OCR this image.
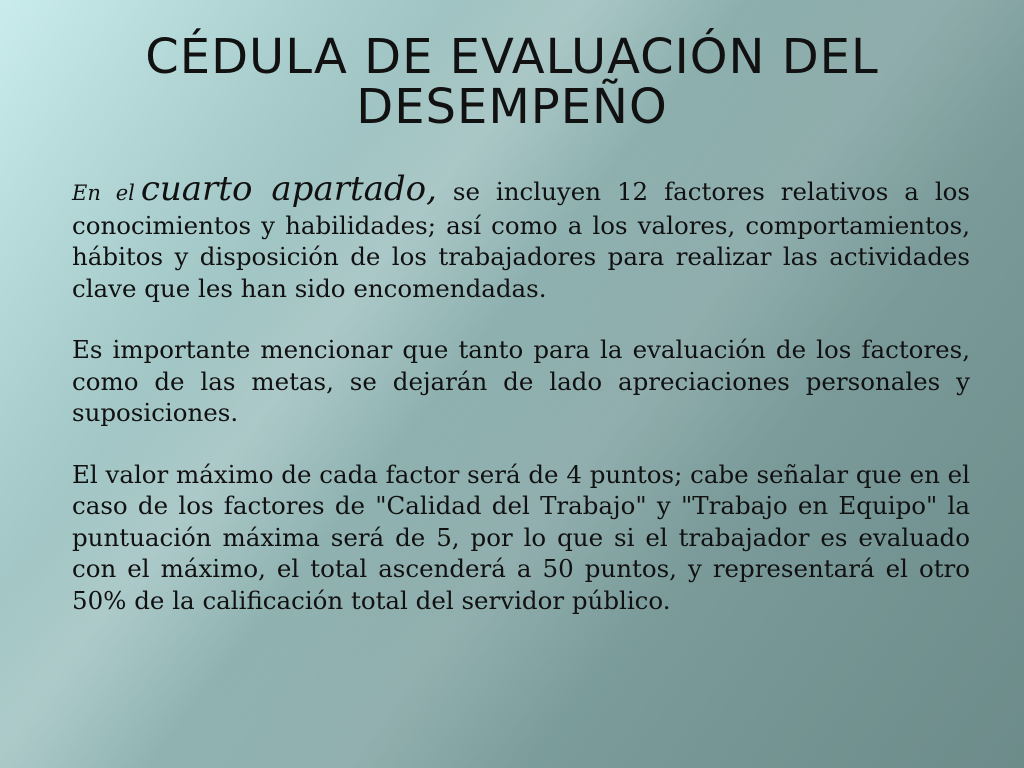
CÉDULA DE EVALUACIÓN DEL
DESEMPEÑO

En el cuarto apartado, se incluyen 12 factores relativos a los conocimientos y habilidades; así como a los valores, comportamientos, hábitos y disposición de los trabajadores para realizar las actividades clave que les han sido encomendadas.

Es importante mencionar que tanto para la evaluación de los factores, como de las metas, se dejarán de lado apreciaciones personales y suposiciones.

El valor máximo de cada factor será de 4 puntos; cabe señalar que en el caso de los factores de "Calidad del Trabajo" y "Trabajo en Equipo" la puntuación máxima será de 5, por lo que si el trabajador es evaluado con el máximo, el total ascenderá a 50 puntos, y representará el otro 50% de la calificación total del servidor público.
